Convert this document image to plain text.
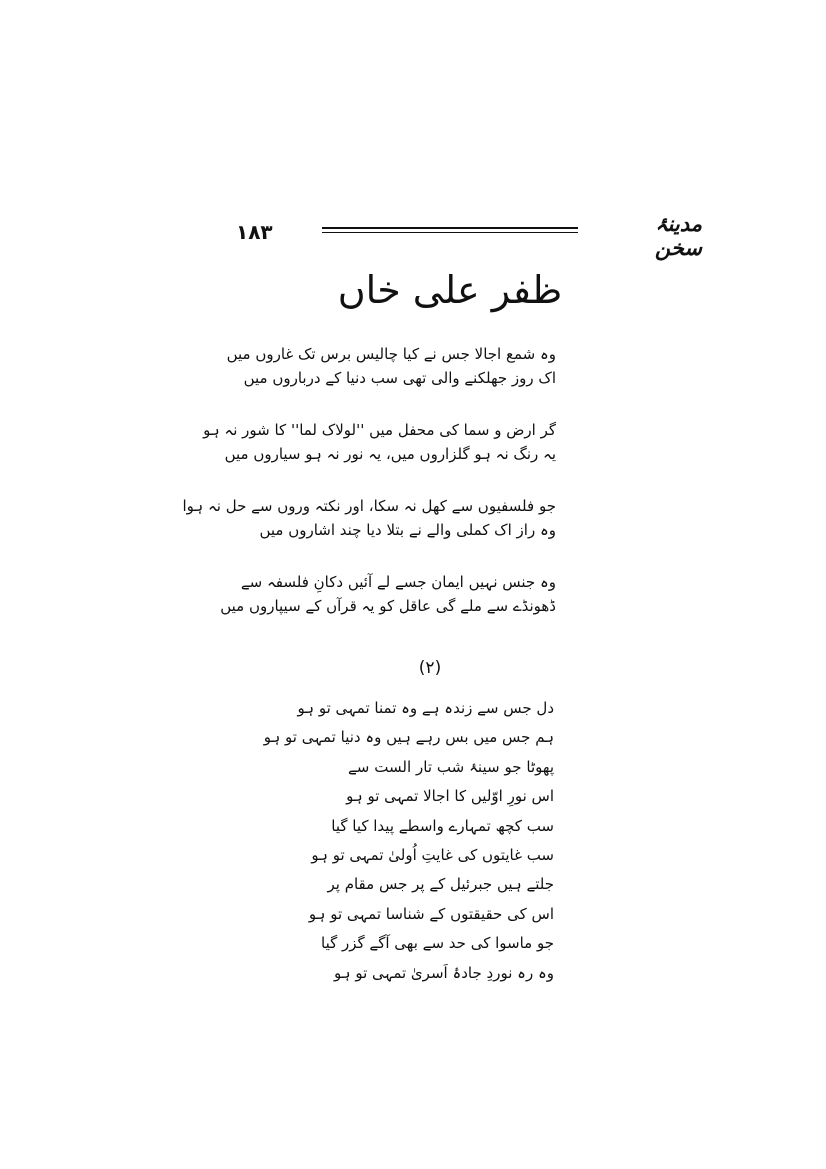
۱۸۳	مدینۂ سخن
ظفر علی خاں
وہ شمع اجالا جس نے کیا چالیس برس تک غاروں میں
اک روز جھلکنے والی تھی سب دنیا کے درباروں میں
گر ارض و سما کی محفل میں ''لولاک لما'' کا شور نہ ہو
یہ رنگ نہ ہو گلزاروں میں، یہ نور نہ ہو سیاروں میں
جو فلسفیوں سے کھل نہ سکا، اور نکتہ وروں سے حل نہ ہوا
وہ راز اک کملی والے نے بتلا دیا چند اشاروں میں
وہ جنس نہیں ایمان جسے لے آئیں دکانِ فلسفہ سے
ڈھونڈے سے ملے گی عاقل کو یہ قرآں کے سیپاروں میں
(۲)
دل جس سے زندہ ہے وہ تمنا تمہی تو ہو
ہم جس میں بس رہے ہیں وہ دنیا تمہی تو ہو
پھوٹا جو سینۂ شب تار الست سے
اس نورِ اوّلیں کا اجالا تمہی تو ہو
سب کچھ تمہارے واسطے پیدا کیا گیا
سب غایتوں کی غایتِ اُولیٰ تمہی تو ہو
جلتے ہیں جبرئیل کے پر جس مقام پر
اس کی حقیقتوں کے شناسا تمہی تو ہو
جو ماسوا کی حد سے بھی آگے گزر گیا
وہ رہ نوردِ جادۂ اَسریٰ تمہی تو ہو
